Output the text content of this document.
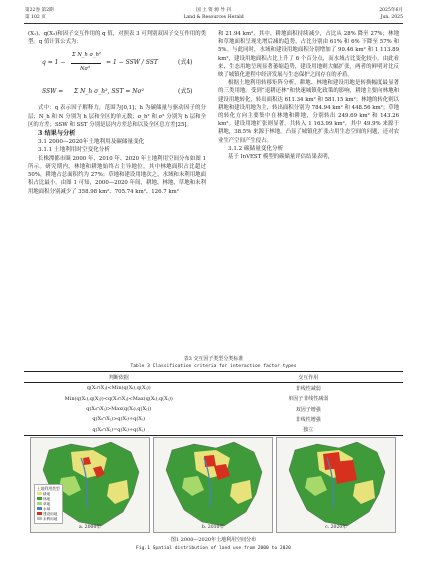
第22卷 第2期
第 102 页
国 土 资 源 导 刊
Land & Resources Herald
2025年6月
Jun. 2025

(X₁)、q(X₂)和因子交互作用的 q 值，对照表 3 可判别双因子交互作用的类型。q 值计算公式为：

q = 1 −
Σ N_h σ_h²
Nσ²
= 1 − SSW / SST	(式4)
SSW = Σ N_h σ_h², SST = Nσ²	(式5)

式中：q 表示因子解释力，范围为[0,1]；h 为碳储量与驱动因子的分层；N_h 和 N 分别为 h 层和全区的单元数；σ_h² 和 σ² 分别为 h 层和全区的方差；SSW 和 SST 分别是层内方差总和以及全区总方差[25]。

3 结果与分析

3.1 2000—2020年土地利用及碳储量变化

3.1.1 土地利用时空变化分析

长株潭都市圈 2000 年、2010 年、2020 年土地利用空间分布如图 1 所示。研究期内，林地和耕地始终占主导地位，其中林地面积占比超过 50%，耕地占总面积约为 27%；草地和建设用地次之，水域和未利用地面积占比最小。由图 1 可知，2000—2020 年间，耕地、林地、草地和未利用地面积分别减少了 358.98 km²、705.74 km²、126.7 km²

和 21.94 km²，其中，耕地面积持续减少，占比从 28% 降至 27%；林地和草地面积呈现先增后减的趋势，占比分别由 61% 和 6% 下降至 57% 和 5%。与此同时，水域和建设用地面积分别增加了 99.46 km² 和 1 113.89 km²，建设用地面积占比上升了 6 个百分点，而水域占比变化较小。由此看来，生态用地呈现显著萎缩趋势，建设用地则大幅扩张，两者的鲜明对比反映了城镇化进程中经济发展与生态保护之间存在的矛盾。

根据土地利用转移矩阵分析，耕地、林地和建设用地是转换幅度最显著的三类用地。受到“退耕还林”和快速城镇化政策的影响，耕地主要向林地和建设用地转化，转出面积达 611.34 km² 和 581.15 km²；林地的转化则以耕地和建设用地为主，转出面积分别为 784.94 km² 和 448.56 km²；草地的转化方向主要集中在林地和耕地，分别转出 249.69 km² 和 143.26 km²。建设用地扩张则显著，共转入 1 163.99 km²，其中 49.9% 来源于耕地，38.5% 来源于林地，凸显了城镇化扩张占用生态空间的问题，还对农业生产空间产生侵占。

3.1.2 碳储量变化分析

基于 InVEST 模型的碳储量评估结果表明，

表3 交互因子类型分类标准
Table 3 Classification criteria for interaction factor types
判断依据	交互作用
q(Xᵢ∩Xⱼ)<Min(q(Xᵢ),q(Xⱼ))	非线性减弱
Min(q(Xᵢ),q(Xⱼ))<q(Xᵢ∩Xⱼ)<Max(q(Xᵢ),q(Xⱼ))	单因子非线性减弱
q(Xᵢ∩Xⱼ)>Max(q(Xᵢ),q(Xⱼ))	双因子增强
q(Xᵢ∩Xⱼ)>q(Xᵢ)+q(Xⱼ)	非线性增强
q(Xᵢ∩Xⱼ)=q(Xᵢ)+q(Xⱼ)	独立
土地利用类型
耕地
林地
草地
水域
建设用地
未利用地
a. 2000年	b. 2010年	c. 2020年
图1 2000—2020年土地利用空间分布
Fig.1 Spatial distribution of land use from 2000 to 2020
